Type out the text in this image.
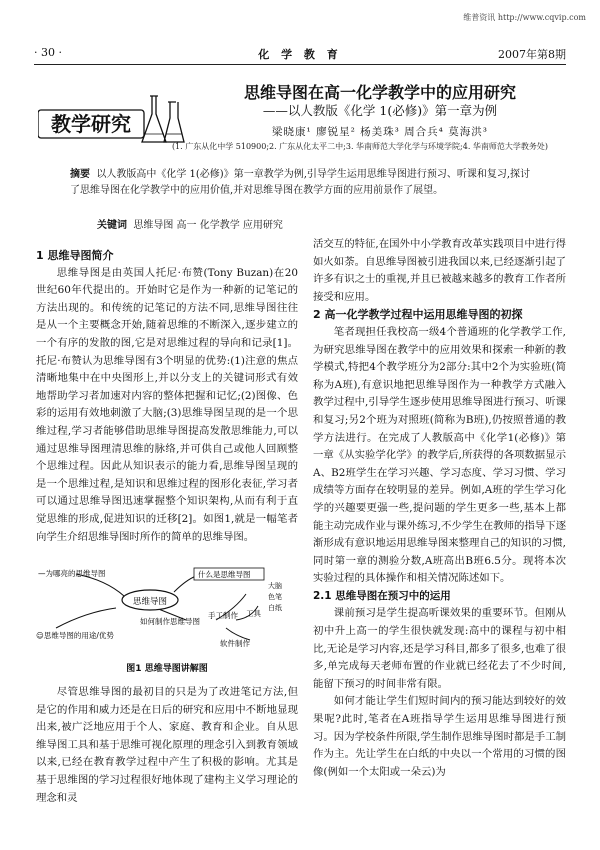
维普资讯 http://www.cqvip.com
· 30 ·	化 学 教 育	2007年第8期
教学研究
思维导图在高一化学教学中的应用研究
——以人教版《化学 1(必修)》第一章为例
梁晓康¹ 廖锐星² 杨美珠³ 周合兵⁴ 莫海洪³
(1. 广东从化中学 510900;2. 广东从化太平二中;3. 华南师范大学化学与环境学院;4. 华南师范大学教务处)
摘要 以人教版高中《化学 1(必修)》第一章教学为例,引导学生运用思维导图进行预习、听课和复习,探讨了思维导图在化学教学中的应用价值,并对思维导图在教学方面的应用前景作了展望。
关键词 思维导图 高一 化学教学 应用研究

1 思维导图简介

思维导图是由英国人托尼·布赞(Tony Buzan)在20世纪60年代提出的。开始时它是作为一种新的记笔记的方法出现的。和传统的记笔记的方法不同,思维导图往往是从一个主要概念开始,随着思维的不断深入,逐步建立的一个有序的发散的图,它是对思维过程的导向和记录[1]。托尼·布赞认为思维导图有3个明显的优势:(1)注意的焦点清晰地集中在中央图形上,并以分支上的关键词形式有效地帮助学习者加速对内容的整体把握和记忆;(2)图像、色彩的运用有效地刺激了大脑;(3)思维导图呈现的是一个思维过程,学习者能够借助思维导图提高发散思维能力,可以通过思维导图理清思维的脉络,并可供自己或他人回顾整个思维过程。因此从知识表示的能力看,思维导图呈现的是一个思维过程,是知识和思维过程的图形化表征,学习者可以通过思维导图迅速掌握整个知识架构,从而有利于直觉思维的形成,促进知识的迁移[2]。如图1,就是一幅笔者向学生介绍思维导图时所作的简单的思维导图。

思维导图
—为哪亮的思维导图	什么是思维导图
☺思维导图的用途/优势
如何制作思维导图
手工制作 工具
大脑
色笔
白纸
软件制作
图1 思维导图讲解图

尽管思维导图的最初目的只是为了改进笔记方法,但是它的作用和威力还是在日后的研究和应用中不断地显现出来,被广泛地应用于个人、家庭、教育和企业。自从思维导图工具和基于思维可视化原理的理念引入到教育领域以来,已经在教育教学过程中产生了积极的影响。尤其是基于思维图的学习过程很好地体现了建构主义学习理论的理念和灵

活交互的特征,在国外中小学教育改革实践项目中进行得如火如荼。自思维导图被引进我国以来,已经逐渐引起了许多有识之士的重视,并且已被越来越多的教育工作者所接受和应用。

2 高一化学教学过程中运用思维导图的初探

笔者现担任我校高一级4个普通班的化学教学工作,为研究思维导图在教学中的应用效果和探索一种新的教学模式,特把4个教学班分为2部分:其中2个为实验班(简称为A班),有意识地把思维导图作为一种教学方式融入教学过程中,引导学生逐步使用思维导图进行预习、听课和复习;另2个班为对照班(简称为B班),仍按照普通的教学方法进行。在完成了人教版高中《化学1(必修)》第一章《从实验学化学》的教学后,所获得的各项数据显示A、B2班学生在学习兴趣、学习态度、学习习惯、学习成绩等方面存在较明显的差异。例如,A班的学生学习化学的兴趣要更强一些,提问题的学生更多一些,基本上都能主动完成作业与课外练习,不少学生在教师的指导下逐渐形成有意识地运用思维导图来整理自己的知识的习惯,同时第一章的测验分数,A班高出B班6.5分。现将本次实验过程的具体操作和相关情况陈述如下。

2.1 思维导图在预习中的运用

课前预习是学生提高听课效果的重要环节。但刚从初中升上高一的学生很快就发现:高中的课程与初中相比,无论是学习内容,还是学习科目,都多了很多,也难了很多,单完成每天老师布置的作业就已经花去了不少时间,能留下预习的时间非常有限。

如何才能让学生们短时间内的预习能达到较好的效果呢?此时,笔者在A班指导学生运用思维导图进行预习。因为学校条件所限,学生制作思维导图时都是手工制作为主。先让学生在白纸的中央以一个常用的习惯的图像(例如一个太阳或一朵云)为
